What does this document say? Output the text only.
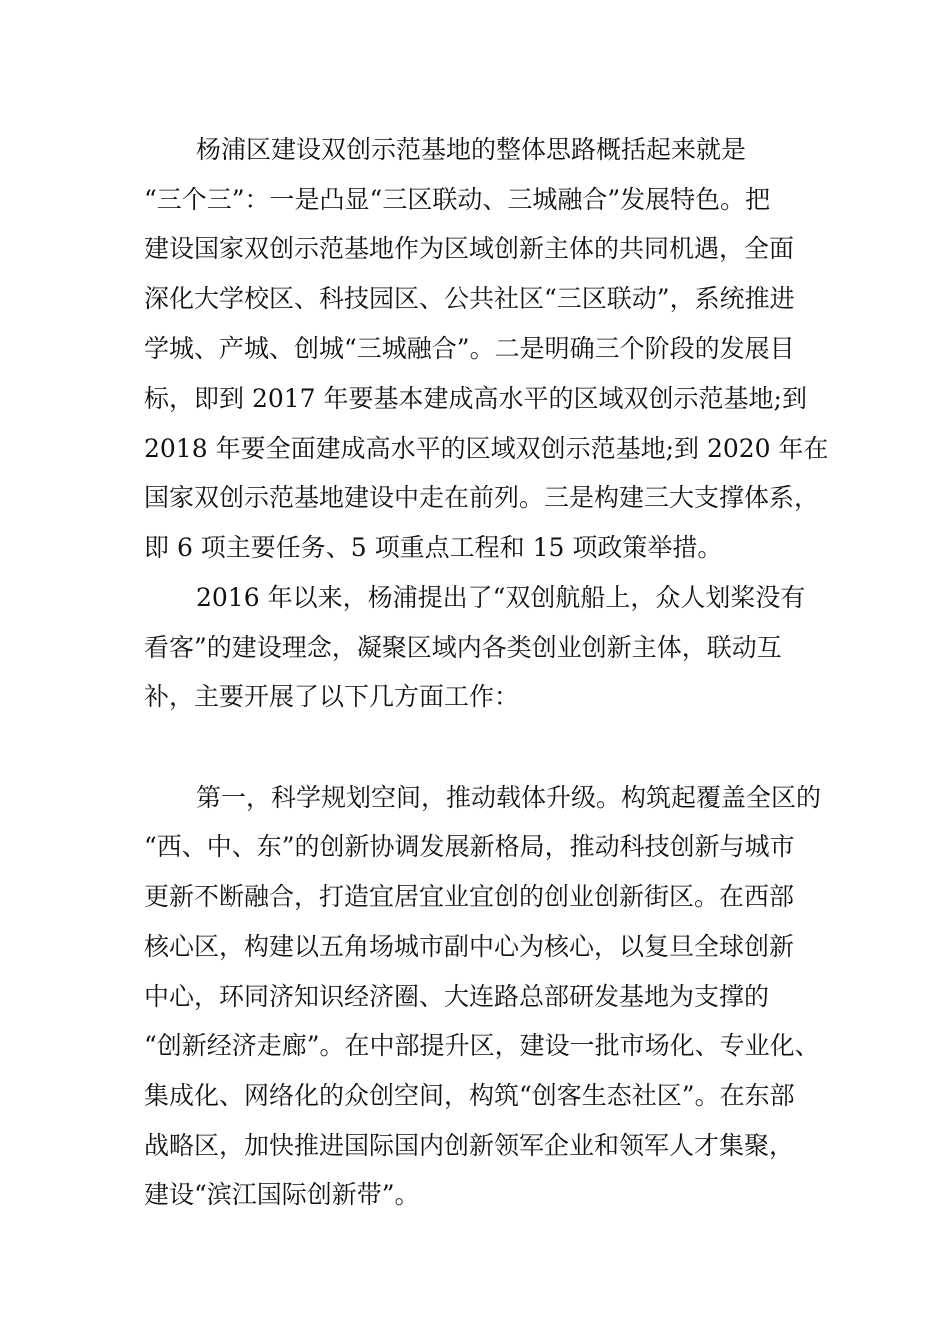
杨浦区建设双创示范基地的整体思路概括起来就是
“三个三”：一是凸显“三区联动、三城融合”发展特色。把
建设国家双创示范基地作为区域创新主体的共同机遇，全面
深化大学校区、科技园区、公共社区“三区联动”，系统推进
学城、产城、创城“三城融合”。二是明确三个阶段的发展目
标，即到 2017 年要基本建成高水平的区域双创示范基地;到
2018 年要全面建成高水平的区域双创示范基地;到 2020 年在
国家双创示范基地建设中走在前列。三是构建三大支撑体系，
即 6 项主要任务、5 项重点工程和 15 项政策举措。
2016 年以来，杨浦提出了“双创航船上，众人划桨没有
看客”的建设理念，凝聚区域内各类创业创新主体，联动互
补，主要开展了以下几方面工作：
第一，科学规划空间，推动载体升级。构筑起覆盖全区的
“西、中、东”的创新协调发展新格局，推动科技创新与城市
更新不断融合，打造宜居宜业宜创的创业创新街区。在西部
核心区，构建以五角场城市副中心为核心，以复旦全球创新
中心，环同济知识经济圈、大连路总部研发基地为支撑的
“创新经济走廊”。在中部提升区，建设一批市场化、专业化、
集成化、网络化的众创空间，构筑“创客生态社区”。在东部
战略区，加快推进国际国内创新领军企业和领军人才集聚，
建设“滨江国际创新带”。
